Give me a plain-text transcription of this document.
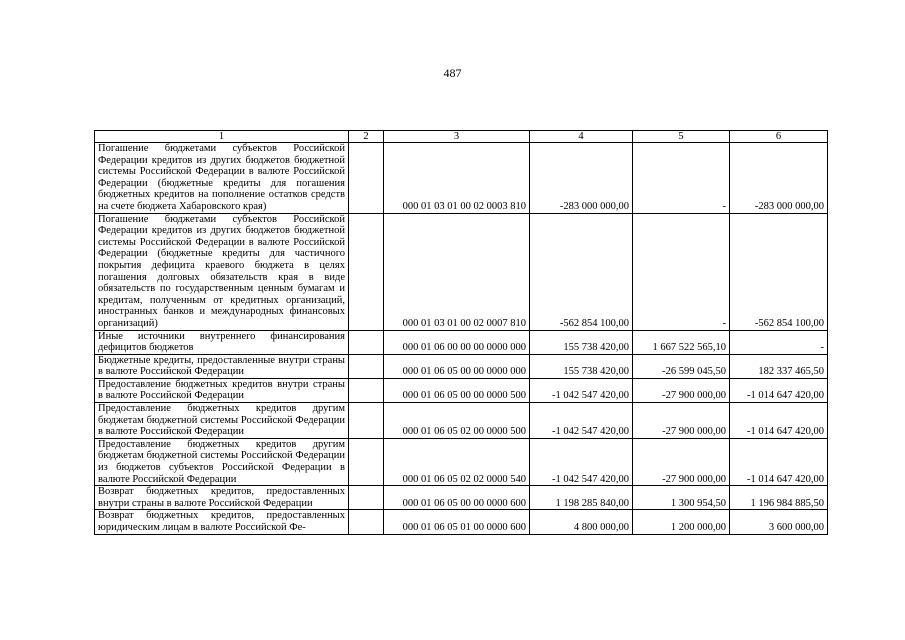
487
1	2	3	4	5	6
Погашение бюджетами субъектов Российской Федерации кредитов из других бюджетов бюджетной системы Российской Федерации в валюте Российской Федерации (бюджетные кредиты для погашения бюджетных кредитов на пополнение остатков средств на счете бюджета Хабаровского края)		000 01 03 01 00 02 0003 810	-283 000 000,00	-	-283 000 000,00
Погашение бюджетами субъектов Российской Федерации кредитов из других бюджетов бюджетной системы Российской Федерации в валюте Российской Федерации (бюджетные кредиты для частичного покрытия дефицита краевого бюджета в целях погашения долговых обязательств края в виде обязательств по государственным ценным бумагам и кредитам, полученным от кредитных организаций, иностранных банков и международных финансовых организаций)		000 01 03 01 00 02 0007 810	-562 854 100,00	-	-562 854 100,00
Иные источники внутреннего финансирования дефицитов бюджетов		000 01 06 00 00 00 0000 000	155 738 420,00	1 667 522 565,10	-
Бюджетные кредиты, предоставленные внутри страны в валюте Российской Федерации		000 01 06 05 00 00 0000 000	155 738 420,00	-26 599 045,50	182 337 465,50
Предоставление бюджетных кредитов внутри страны в валюте Российской Федерации		000 01 06 05 00 00 0000 500	-1 042 547 420,00	-27 900 000,00	-1 014 647 420,00
Предоставление бюджетных кредитов другим бюджетам бюджетной системы Российской Федерации в валюте Российской Федерации		000 01 06 05 02 00 0000 500	-1 042 547 420,00	-27 900 000,00	-1 014 647 420,00
Предоставление бюджетных кредитов другим бюджетам бюджетной системы Российской Федерации из бюджетов субъектов Российской Федерации в валюте Российской Федерации		000 01 06 05 02 02 0000 540	-1 042 547 420,00	-27 900 000,00	-1 014 647 420,00
Возврат бюджетных кредитов, предоставленных внутри страны в валюте Российской Федерации		000 01 06 05 00 00 0000 600	1 198 285 840,00	1 300 954,50	1 196 984 885,50
Возврат бюджетных кредитов, предоставленных юридическим лицам в валюте Российской Фе-		000 01 06 05 01 00 0000 600	4 800 000,00	1 200 000,00	3 600 000,00
